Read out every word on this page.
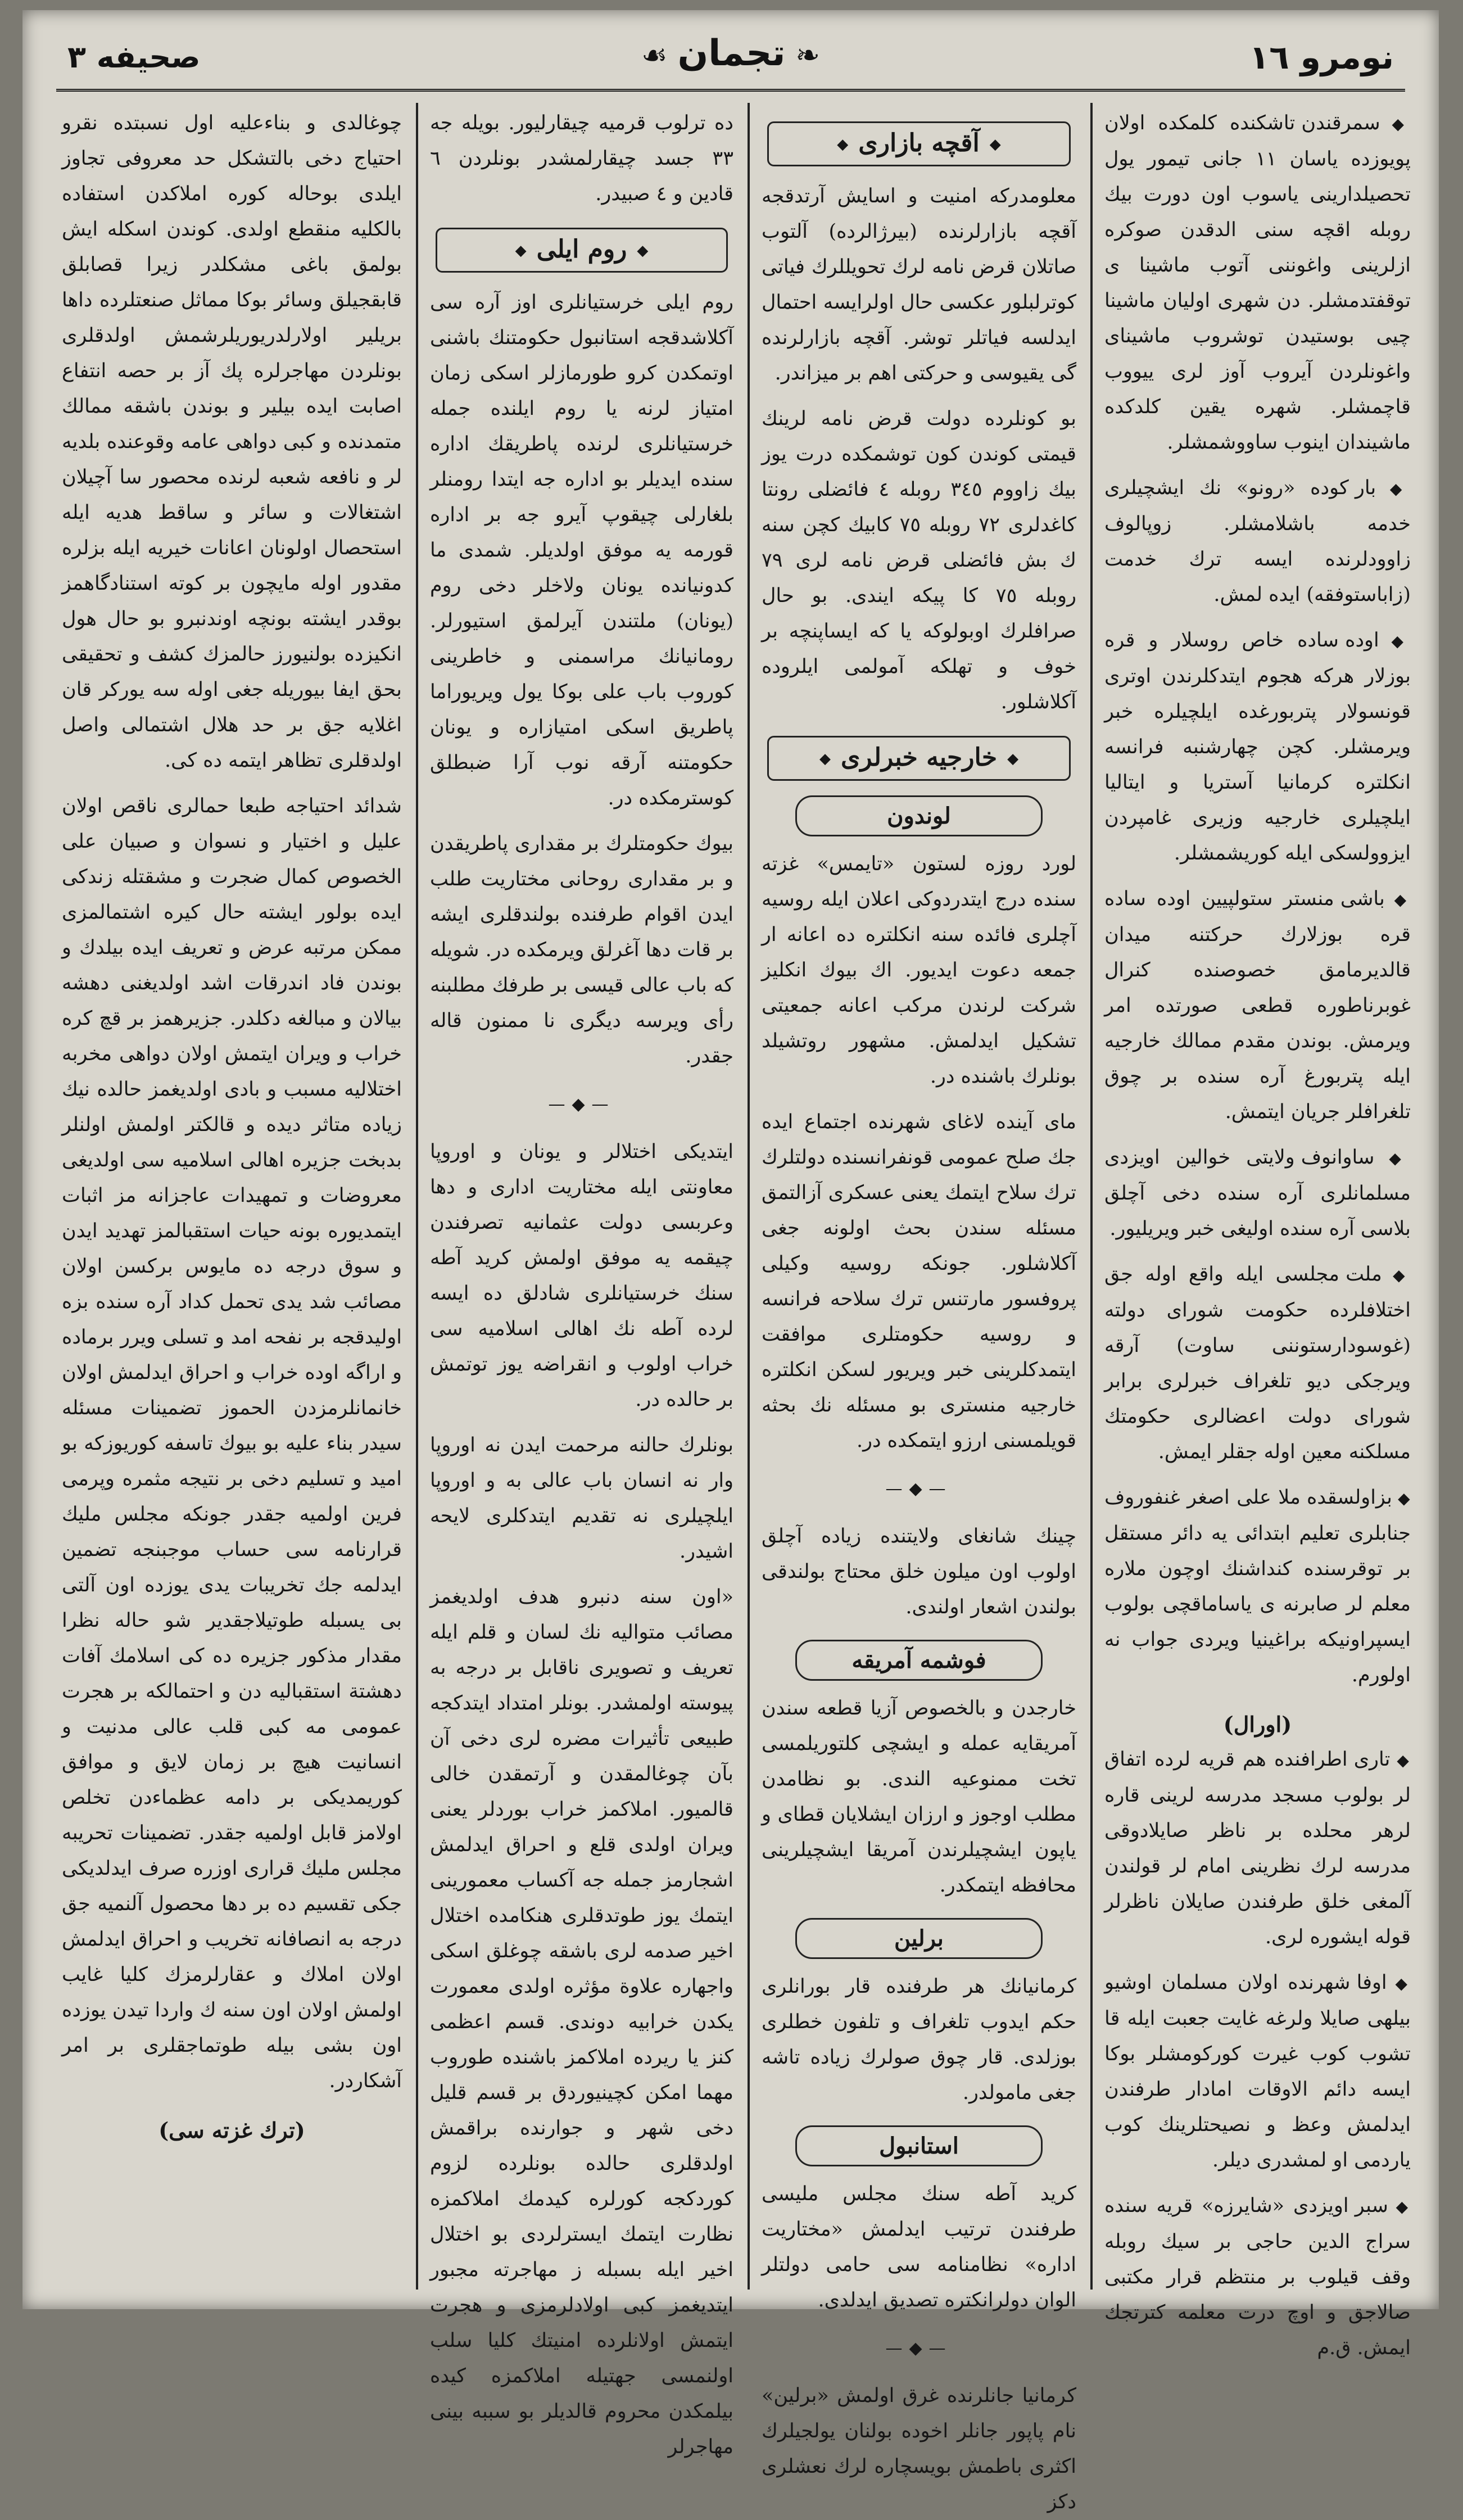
نومرو ١٦
❧تجمان☙
صحيفه ٣

◆ سمرقندن تاشكنده كلمكده اولان پويوزده ياسان ١١ جانى تيمور يول تحصيلدارينى ياسوب اون دورت بيك روبله اقچه سنى الدقدن صوكره ازلرينى واغوننى آتوب ماشينا ى توقفتدمشلر. دن شهرى اوليان ماشينا چيى بوستيدن توشروب ماشيناى واغونلردن آيروب آوز لرى ييووب قاچمشلر. شهره يقين كلدكده ماشيندان اينوب ساووشمشلر.

◆ بار كوده «رونو» نك ايشچيلرى خدمه باشلامشلر. زوپالوف زاوودلرنده ايسه ترك خدمت (زاباستوفقه) ايده لمش.

◆ اوده ساده خاص روسلار و قره بوزلار هركه هجوم ايتدكلرندن اوترى قونسولار پتربورغده ايلچيلره خبر ويرمشلر. كچن چهارشنبه فرانسه انكلتره كرمانيا آستريا و ايتاليا ايلچيلرى خارجيه وزيرى غامپردن ايزوولسكى ايله كوريشمشلر.

◆ باشى منستر ستولپيين اوده ساده قره بوزلارك حركتنه ميدان قالديرمامق خصوصنده كنرال غوبرناطوره قطعى صورتده امر ويرمش. بوندن مقدم ممالك خارجيه ايله پتربورغ آره سنده بر چوق تلغرافلر جريان ايتمش.

◆ ساوانوف ولايتى خوالين اويزدى مسلمانلرى آره سنده دخى آچلق بلاسى آره سنده اوليغى خبر ويريليور.

◆ ملت مجلسى ايله واقع اوله جق اختلافلرده حكومت شوراى دولته (غوسودارستوننى ساوت) آرقه ويرجكى ديو تلغراف خبرلرى برابر شوراى دولت اعضالرى حكومتك مسلكنه معين اوله جقلر ايمش.

◆ بزاولسقده ملا على اصغر غنفوروف جنابلرى تعليم ابتدائى يه دائر مستقل بر توقرسنده كنداشنك اوچون ملاره معلم لر صابرنه ى ياساماقچى بولوب ايسپراونيكه براغينيا ويردى جواب نه اولورم.

(اورال)

◆ تارى اطرافنده هم قريه لرده اتفاق لر بولوب مسجد مدرسه لرينى قاره لرهر محلده بر ناظر صايلادوقى مدرسه لرك نظرينى امام لر قولندن آلمغى خلق طرفندن صايلان ناظرلر قوله ايشوره لرى.

◆ اوفا شهرنده اولان مسلمان اوشيو بيلهى صايلا ولرغه غايت جعبت ايله قا تشوب كوب غيرت كوركومشلر بوكا ايسه دائم الاوقات امادار طرفندن ايدلمش وعظ و نصيحتلرينك كوب ياردمى او لمشدرى ديلر.

◆ سبر اويزدى «شايرزه» قريه سنده سراج الدين حاجى بر سيك روبله وقف قيلوب بر منتظم قرار مكتبى صالاجق و اوچ درت معلمه كترتجك ايمش. ق.م

◆ آقچه بازارى ◆

معلومدركه امنيت و اسايش آرتدقجه آقچه بازارلرنده (بيرژالرده) آلتوب صاتلان قرض نامه لرك تحويللرك فياتى كوترلبلور عكسى حال اولرايسه احتمال ايدلسه فياتلر توشر. آقچه بازارلرنده گى يقيوسى و حركتى اهم بر ميزاندر.

بو كونلرده دولت قرض نامه لرينك قيمتى كوندن كون توشمكده درت يوز بيك زاووم ٣٤٥ روبله ٤ فائضلى رونتا كاغدلرى ٧٢ روبله ٧٥ كابيك كچن سنه ك بش فائضلى قرض نامه لرى ٧٩ روبله ٧٥ كا پيكه ايندى. بو حال صرافلرك اوبولوكه يا كه ايساپنچه بر خوف و تهلكه آمولمى ايلروده آكلاشلور.

◆ خارجيه خبرلرى ◆
لوندون

لورد روزه لستون «تايمس» غزته سنده درج ايتدردوكى اعلان ايله روسيه آچلرى فائده سنه انكلتره ده اعانه ار جمعه دعوت ايديور. اك بيوك انكليز شركت لرندن مركب اعانه جمعيتى تشكيل ايدلمش. مشهور روتشيلد بونلرك باشنده در.

ماى آينده لاغاى شهرنده اجتماع ايده جك صلح عمومى قونفرانسنده دولتلرك ترك سلاح ايتمك يعنى عسكرى آزالتمق مسئله سندن بحث اولونه جغى آكلاشلور. جونكه روسيه وكيلى پروفسور مارتنس ترك سلاحه فرانسه و روسيه حكومتلرى موافقت ايتمدكلرينى خبر ويريور لسكن انكلتره خارجيه منسترى بو مسئله نك بحثه قويلمسنى ارزو ايتمكده در.

—◆—

چينك شانغاى ولايتنده زياده آچلق اولوب اون ميلون خلق محتاج بولندقى بولندن اشعار اولندى.

فوشمه آمريقه

خارجدن و بالخصوص آزيا قطعه سندن آمريقايه عمله و ايشچى كلتوريلمسى تخت ممنوعيه الندى. بو نظامدن مطلب اوجوز و ارزان ايشلايان قطاى و ياپون ايشچيلرندن آمريقا ايشچيلرينى محافظه ايتمكدر.

برلين

كرمانيانك هر طرفنده قار بورانلرى حكم ايدوب تلغراف و تلفون خطلرى بوزلدى. قار چوق صولرك زياده تاشه جغى مامولدر.

استانبول

كريد آطه سنك مجلس مليسى طرفندن ترتيب ايدلمش «مختاريت اداره» نظامنامه سى حامى دولتلر الوان دولرانكتره تصديق ايدلدى.

—◆—

كرمانيا جانلرنده غرق اولمش «برلين» نام پاپور جانلر اخوده بولنان يولجيلرك اكثرى باطمش بويسچاره لرك نعشلرى دكز

ده ترلوب قرميه چيقارليور. بويله جه ٣٣ جسد چيقارلمشدر بونلردن ٦ قادين و ٤ صبيدر.

◆ روم ايلى ◆

روم ايلى خرستيانلرى اوز آره سى آكلاشدقجه استانبول حكومتنك باشنى اوتمكدن كرو طورمازلر اسكى زمان امتياز لرنه يا روم ايلنده جمله خرستيانلرى لرنده پاطريقك اداره سنده ايديلر بو اداره جه ايتدا رومنلر بلغارلى چيقوپ آيرو جه بر اداره قورمه يه موفق اولديلر. شمدى ما كدونيانده يونان ولاخلر دخى روم (يونان) ملتندن آيرلمق استيورلر. رومانيانك مراسمنى و خاطرينى كوروب باب على بوكا يول ويريوراما پاطريق اسكى امتيازاره و يونان حكومتنه آرقه نوب آرا ضبطلق كوسترمكده در.

بيوك حكومتلرك بر مقدارى پاطريقدن و بر مقدارى روحانى مختاريت طلب ايدن اقوام طرفنده بولندقلرى ايشه بر قات دها آغرلق ويرمكده در. شويله كه باب عالى قيسى بر طرفك مطلبنه رأى ويرسه ديگرى نا ممنون قاله جقدر.

—◆—

ايتديكى اختلالر و يونان و اوروپا معاونتى ايله مختاريت ادارى و دها وعربسى دولت عثمانيه تصرفندن چيقمه يه موفق اولمش كريد آطه سنك خرستيانلرى شادلق ده ايسه لرده آطه نك اهالى اسلاميه سى خراب اولوب و انقراضه يوز توتمش بر حالده در.

بونلرك حالنه مرحمت ايدن نه اوروپا وار نه انسان باب عالى به و اوروپا ايلچيلرى نه تقديم ايتدكلرى لايحه اشيدر.

«اون سنه دنبرو هدف اولديغمز مصائب متواليه نك لسان و قلم ايله تعريف و تصويرى ناقابل بر درجه به پيوسته اولمشدر. بونلر امتداد ايتدكجه طبيعى تأثيرات مضره لرى دخى آن بآن چوغالمقدن و آرتمقدن خالى قالميور. املاكمز خراب بوردلر يعنى ويران اولدى قلع و احراق ايدلمش اشجارمز جمله جه آكساب معمورينى ايتمك يوز طوتدقلرى هنكامده اختلال اخير صدمه لرى باشقه چوغلق اسكى واجهاره علاوة مؤثره اولدى معمورت يكدن خرابيه دوندى. قسم اعظمى كنز يا ريرده املاكمز باشنده طوروب مهما امكن كچينيوردق بر قسم قليل دخى شهر و جوارنده براقمش اولدقلرى حالده بونلرده لزوم كوردكجه كورلره كيدمك املاكمزه نظارت ايتمك ايسترلردى بو اختلال اخير ايله بسبله ز مهاجرته مجبور ايتديغمز كبى اولادلرمزى و هجرت ايتمش اولانلرده امنيتك كليا سلب اولنمسى جهتيله املاكمزه كيده بيلمكدن محروم قالديلر بو سببه بينى مهاجرلر

چوغالدى و بناءعليه اول نسبتده نقرو احتياج دخى بالتشكل حد معروفى تجاوز ايلدى بوحاله كوره املاكدن استفاده بالكليه منقطع اولدى. كوندن اسكله ايش بولمق باغى مشكلدر زيرا قصابلق قابقجيلق وسائر بوكا مماثل صنعتلرده داها بريلير اولارلدريوريلرشمش اولدقلرى بونلردن مهاجرلره پك آز بر حصه انتفاع اصابت ايده بيلير و بوندن باشقه ممالك متمدنده و كبى دواهى عامه وقوعنده بلديه لر و نافعه شعبه لرنده محصور سا آچيلان اشتغالات و سائر و ساقط هديه ايله استحصال اولونان اعانات خيريه ايله بزلره مقدور اوله مايچون بر كوته استنادگاهمز بوقدر ايشته بونچه اوندنبرو بو حال هول انكيزده بولنيورز حالمزك كشف و تحقيقى بحق ايفا بيوريله جغى اوله سه يوركر قان اغلايه جق بر حد هلال اشتمالى واصل اولدقلرى تظاهر ايتمه ده كى.

شدائد احتياجه طبعا حمالرى ناقص اولان عليل و اختيار و نسوان و صبيان على الخصوص كمال ضجرت و مشقتله زندكى ايده بولور ايشته حال كيره اشتمالمزى ممكن مرتبه عرض و تعريف ايده بيلدك و بوندن فاد اندرقات اشد اولديغنى دهشه بيالان و مبالغه دكلدر. جزيرهمز بر قچ كره خراب و ويران ايتمش اولان دواهى مخربه اختلاليه مسبب و بادى اولديغمز حالده نيك زياده متاثر ديده و قالكتر اولمش اولنلر بدبخت جزيره اهالى اسلاميه سى اولديغى معروضات و تمهيدات عاجزانه مز اثبات ايتمديوره بونه حيات استقبالمز تهديد ايدن و سوق درجه ده مايوس بركسن اولان مصائب شد يدى تحمل كداد آره سنده بزه اوليدقجه بر نفحه امد و تسلى ويرر برماده و اراگه اوده خراب و احراق ايدلمش اولان خانمانلرمزدن الحموز تضمينات مسئله سيدر بناء عليه بو بيوك تاسفه كوريوزكه بو اميد و تسليم دخى بر نتيجه مثمره وپرمى فرين اولميه جقدر جونكه مجلس مليك قرارنامه سى حساب موجبنجه تضمين ايدلمه جك تخريبات يدى يوزده اون آلتى بى يسبله طوتيلاجقدير شو حاله نظرا مقدار مذكور جزيره ده كى اسلامك آفات دهشتة استقباليه دن و احتمالكه بر هجرت عمومى مه كبى قلب عالى مدنيت و انسانيت هيچ بر زمان لايق و موافق كوريمديكى بر دامه عظماءدن تخلص اولامز قابل اولميه جقدر. تضمينات تحريبه مجلس مليك قرارى اوزره صرف ايدلديكى جكى تقسيم ده بر دها محصول آلنميه جق درجه به انصافانه تخريب و احراق ايدلمش اولان املاك و عقارلرمزك كليا غايب اولمش اولان اون سنه ك واردا تيدن يوزده اون بشى بيله طوتماجقلرى بر امر آشكاردر.

(ترك غزته سى)
